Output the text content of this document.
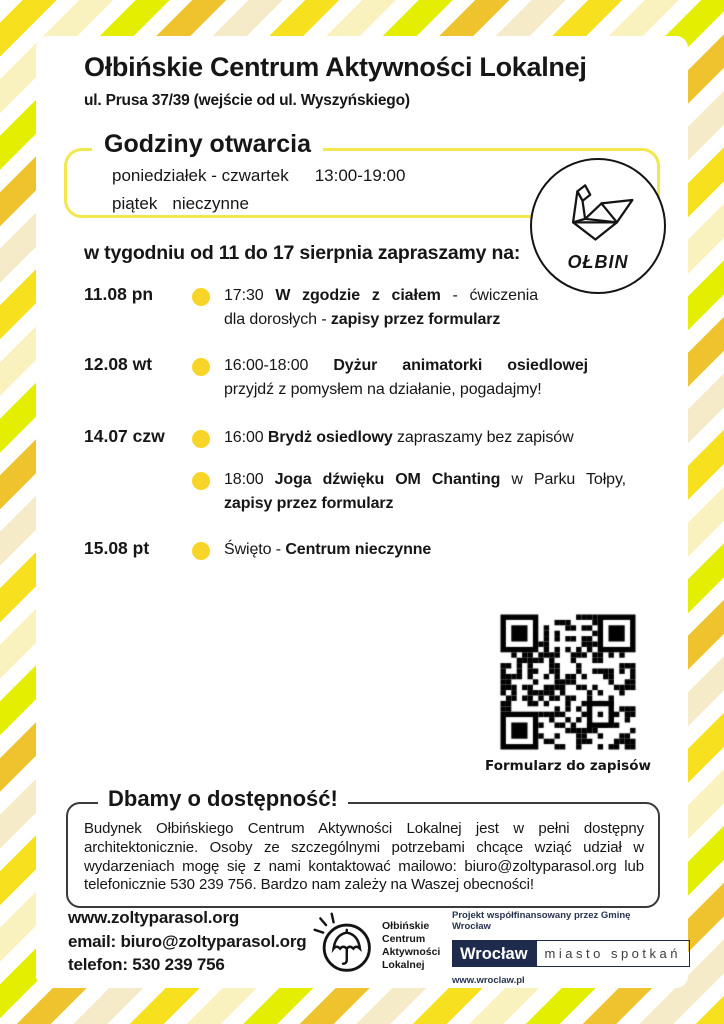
Ołbińskie Centrum Aktywności Lokalnej
ul. Prusa 37/39 (wejście od ul. Wyszyńskiego)
Godziny otwarcia
poniedziałek - czwartek 13:00-19:00
piątek nieczynne
OŁBIN
w tygodniu od 11 do 17 sierpnia zapraszamy na:
11.08 pn	17:30 W zgodzie z ciałem - ćwiczenia
dla dorosłych - zapisy przez formularz
12.08 wt	16:00-18:00 Dyżur animatorki osiedlowej
przyjdź z pomysłem na działanie, pogadajmy!
14.07 czw	16:00 Brydż osiedlowy zapraszamy bez zapisów
18:00 Joga dźwięku OM Chanting w Parku Tołpy,
zapisy przez formularz
15.08 pt	Święto - Centrum nieczynne
Formularz do zapisów
Dbamy o dostępność!
Budynek Ołbińskiego Centrum Aktywności Lokalnej jest w pełni dostępny architektonicznie. Osoby ze szczególnymi potrzebami chcące wziąć udział w wydarzeniach mogę się z nami kontaktować mailowo: biuro@zoltyparasol.org lub telefonicznie 530 239 756. Bardzo nam zależy na Waszej obecności!
www.zoltyparasol.org
email: biuro@zoltyparasol.org
telefon: 530 239 756
Ołbińskie
Centrum
Aktywności
Lokalnej
Projekt współfinansowany przez Gminę Wrocław
Wrocław	miasto spotkań
www.wroclaw.pl
